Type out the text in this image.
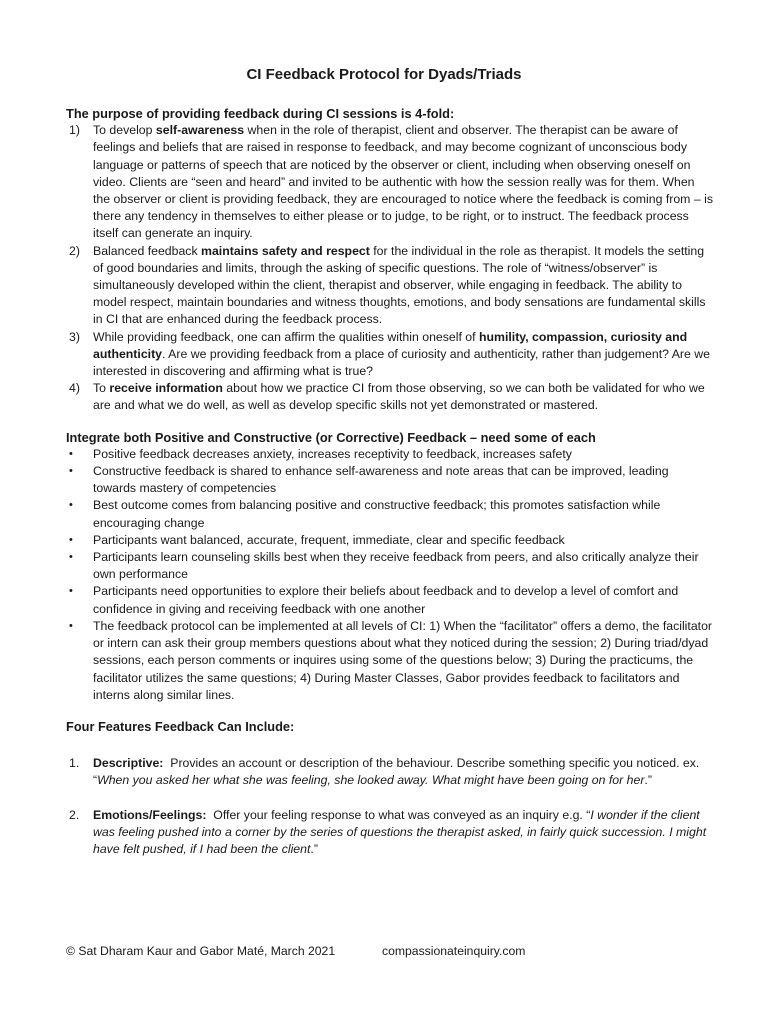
CI Feedback Protocol for Dyads/Triads

The purpose of providing feedback during CI sessions is 4-fold:

1) To develop self-awareness when in the role of therapist, client and observer. The therapist can be aware of feelings and beliefs that are raised in response to feedback, and may become cognizant of unconscious body language or patterns of speech that are noticed by the observer or client, including when observing oneself on video. Clients are “seen and heard” and invited to be authentic with how the session really was for them. When the observer or client is providing feedback, they are encouraged to notice where the feedback is coming from – is there any tendency in themselves to either please or to judge, to be right, or to instruct. The feedback process itself can generate an inquiry.
2) Balanced feedback maintains safety and respect for the individual in the role as therapist. It models the setting of good boundaries and limits, through the asking of specific questions. The role of “witness/observer” is simultaneously developed within the client, therapist and observer, while engaging in feedback. The ability to model respect, maintain boundaries and witness thoughts, emotions, and body sensations are fundamental skills in CI that are enhanced during the feedback process.
3) While providing feedback, one can affirm the qualities within oneself of humility, compassion, curiosity and authenticity. Are we providing feedback from a place of curiosity and authenticity, rather than judgement? Are we interested in discovering and affirming what is true?
4) To receive information about how we practice CI from those observing, so we can both be validated for who we are and what we do well, as well as develop specific skills not yet demonstrated or mastered.

Integrate both Positive and Constructive (or Corrective) Feedback – need some of each

• Positive feedback decreases anxiety, increases receptivity to feedback, increases safety
• Constructive feedback is shared to enhance self-awareness and note areas that can be improved, leading towards mastery of competencies
• Best outcome comes from balancing positive and constructive feedback; this promotes satisfaction while encouraging change
• Participants want balanced, accurate, frequent, immediate, clear and specific feedback
• Participants learn counseling skills best when they receive feedback from peers, and also critically analyze their own performance
• Participants need opportunities to explore their beliefs about feedback and to develop a level of comfort and confidence in giving and receiving feedback with one another
• The feedback protocol can be implemented at all levels of CI: 1) When the “facilitator” offers a demo, the facilitator or intern can ask their group members questions about what they noticed during the session; 2) During triad/dyad sessions, each person comments or inquires using some of the questions below; 3) During the practicums, the facilitator utilizes the same questions; 4) During Master Classes, Gabor provides feedback to facilitators and interns along similar lines.

Four Features Feedback Can Include:

1. Descriptive: Provides an account or description of the behaviour. Describe something specific you noticed. ex. “When you asked her what she was feeling, she looked away. What might have been going on for her.”
2. Emotions/Feelings: Offer your feeling response to what was conveyed as an inquiry e.g. “I wonder if the client was feeling pushed into a corner by the series of questions the therapist asked, in fairly quick succession. I might have felt pushed, if I had been the client.”
© Sat Dharam Kaur and Gabor Maté, March 2021	compassionateinquiry.com
